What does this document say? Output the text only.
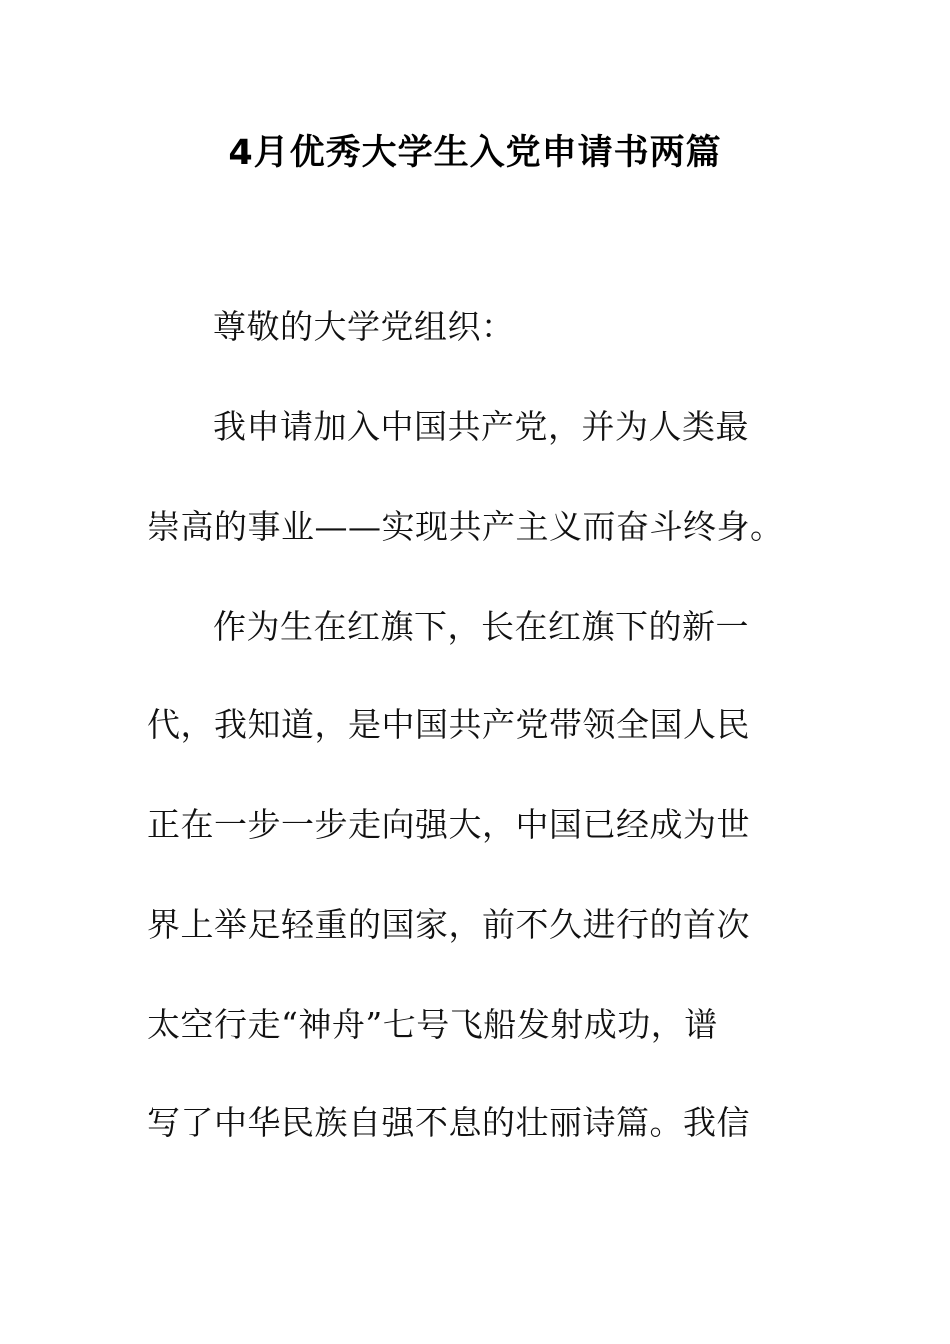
4月优秀大学生入党申请书两篇
尊敬的大学党组织：
我申请加入中国共产党，并为人类最
崇高的事业——实现共产主义而奋斗终身。
作为生在红旗下，长在红旗下的新一
代，我知道，是中国共产党带领全国人民
正在一步一步走向强大，中国已经成为世
界上举足轻重的国家，前不久进行的首次
太空行走“神舟”七号飞船发射成功，谱
写了中华民族自强不息的壮丽诗篇。我信
